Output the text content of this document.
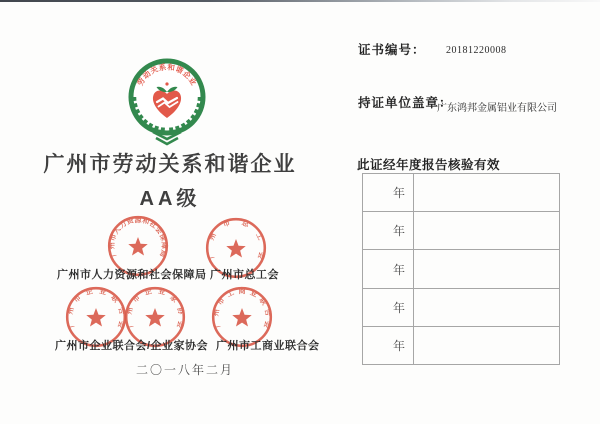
劳动关系和谐企业
广州市劳动关系和谐企业
AA级
广州市人力资源和社会保障局	广州市总工会
广州市人力资源和社会保障局 广州市总工会
广州市企业联合会 广州市企业家协会	广州市工商业联合会
广州市企业联合会/企业家协会 广州市工商业联合会
二〇一八年二月
证书编号： 20181220008
持证单位盖章：
广东鸿邦金属铝业有限公司
此证经年度报告核验有效
年
年
年
年
年
